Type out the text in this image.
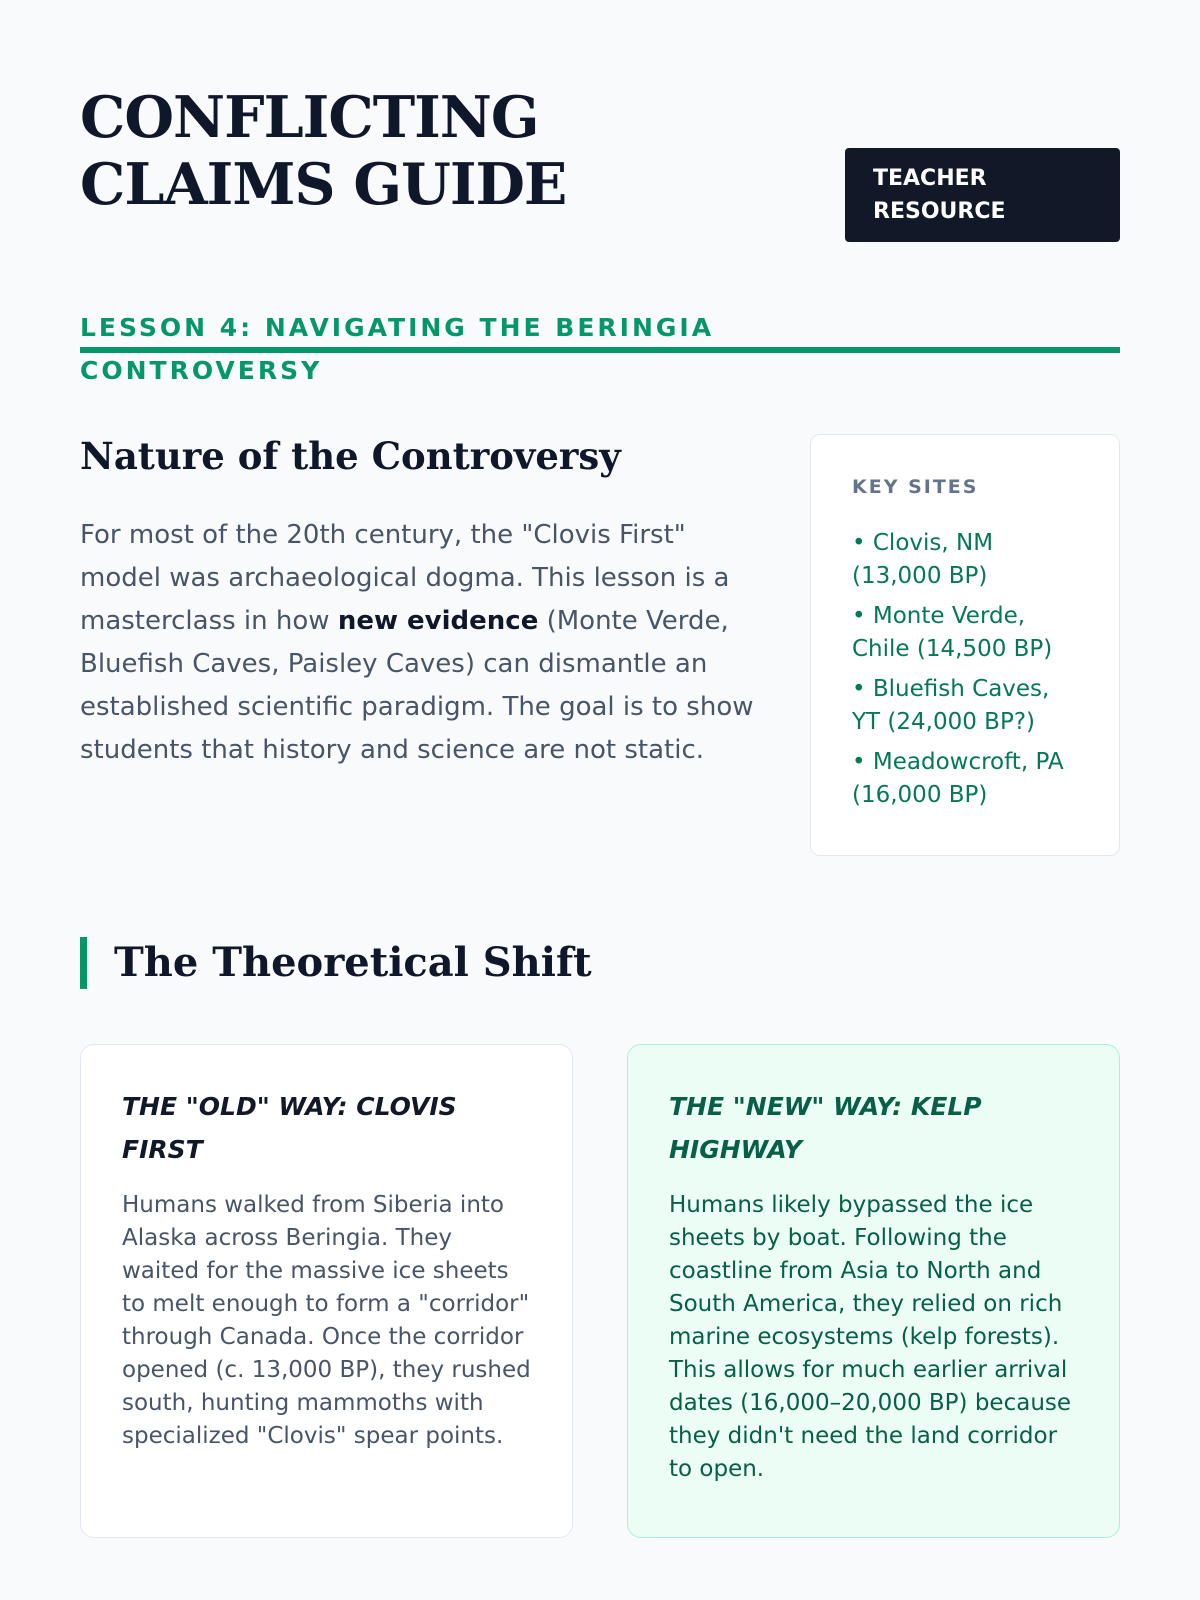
CONFLICTING CLAIMS GUIDE

LESSON 4: NAVIGATING THE BERINGIA CONTROVERSY

TEACHER RESOURCE
Nature of the Controversy

For most of the 20th century, the "Clovis First" model was archaeological dogma. This lesson is a masterclass in how new evidence (Monte Verde, Bluefish Caves, Paisley Caves) can dismantle an established scientific paradigm. The goal is to show students that history and science are not static.

KEY SITES

• Clovis, NM (13,000 BP)
• Monte Verde, Chile (14,500 BP)
• Bluefish Caves, YT (24,000 BP?)
• Meadowcroft, PA (16,000 BP)
The Theoretical Shift
THE "OLD" WAY: CLOVIS FIRST

Humans walked from Siberia into Alaska across Beringia. They waited for the massive ice sheets to melt enough to form a "corridor" through Canada. Once the corridor opened (c. 13,000 BP), they rushed south, hunting mammoths with specialized "Clovis" spear points.

THE "NEW" WAY: KELP HIGHWAY

Humans likely bypassed the ice sheets by boat. Following the coastline from Asia to North and South America, they relied on rich marine ecosystems (kelp forests). This allows for much earlier arrival dates (16,000–20,000 BP) because they didn't need the land corridor to open.
